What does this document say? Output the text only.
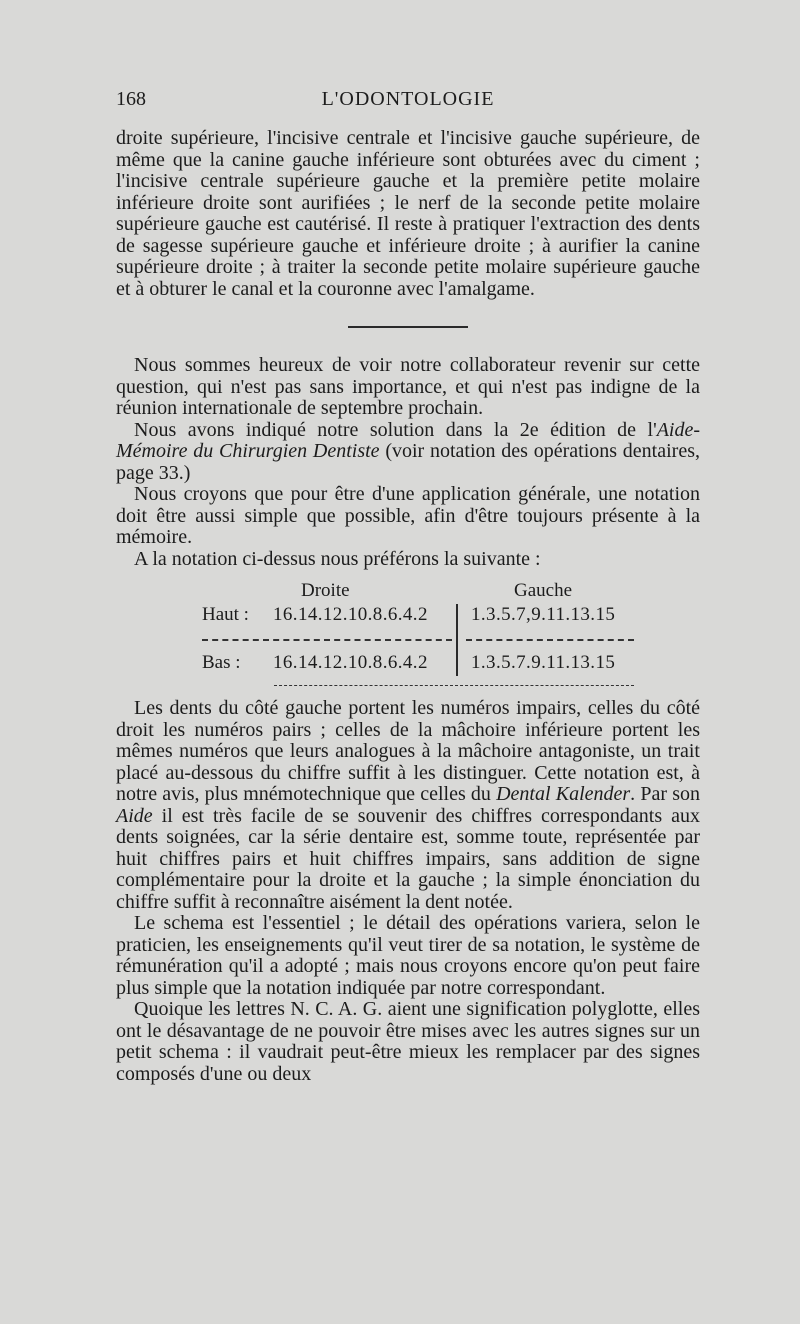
168	L'ODONTOLOGIE

droite supérieure, l'incisive centrale et l'incisive gauche supérieure, de même que la canine gauche inférieure sont obturées avec du ciment ; l'incisive centrale supérieure gauche et la première petite molaire inférieure droite sont aurifiées ; le nerf de la seconde petite molaire supérieure gauche est cautérisé. Il reste à pratiquer l'extraction des dents de sagesse supérieure gauche et inférieure droite ; à aurifier la canine supérieure droite ; à traiter la seconde petite molaire supérieure gauche et à obturer le canal et la couronne avec l'amalgame.

Nous sommes heureux de voir notre collaborateur revenir sur cette question, qui n'est pas sans importance, et qui n'est pas indigne de la réunion internationale de septembre prochain.

Nous avons indiqué notre solution dans la 2e édition de l'Aide-Mémoire du Chirurgien Dentiste (voir notation des opérations dentaires, page 33.)

Nous croyons que pour être d'une application générale, une notation doit être aussi simple que possible, afin d'être toujours présente à la mémoire.

A la notation ci-dessus nous préférons la suivante :

Droite	Gauche
Haut : 16.14.12.10.8.6.4.2 1.3.5.7,9.11.13.15
Bas : 16.14.12.10.8.6.4.2 1.3.5.7.9.11.13.15

Les dents du côté gauche portent les numéros impairs, celles du côté droit les numéros pairs ; celles de la mâchoire inférieure portent les mêmes numéros que leurs analogues à la mâchoire antagoniste, un trait placé au-dessous du chiffre suffit à les distinguer. Cette notation est, à notre avis, plus mnémotechnique que celles du Dental Kalender. Par son Aide il est très facile de se souvenir des chiffres correspondants aux dents soignées, car la série dentaire est, somme toute, représentée par huit chiffres pairs et huit chiffres impairs, sans addition de signe complémentaire pour la droite et la gauche ; la simple énonciation du chiffre suffit à reconnaître aisément la dent notée.

Le schema est l'essentiel ; le détail des opérations variera, selon le praticien, les enseignements qu'il veut tirer de sa notation, le système de rémunération qu'il a adopté ; mais nous croyons encore qu'on peut faire plus simple que la notation indiquée par notre correspondant.

Quoique les lettres N. C. A. G. aient une signification polyglotte, elles ont le désavantage de ne pouvoir être mises avec les autres signes sur un petit schema : il vaudrait peut-être mieux les remplacer par des signes composés d'une ou deux
